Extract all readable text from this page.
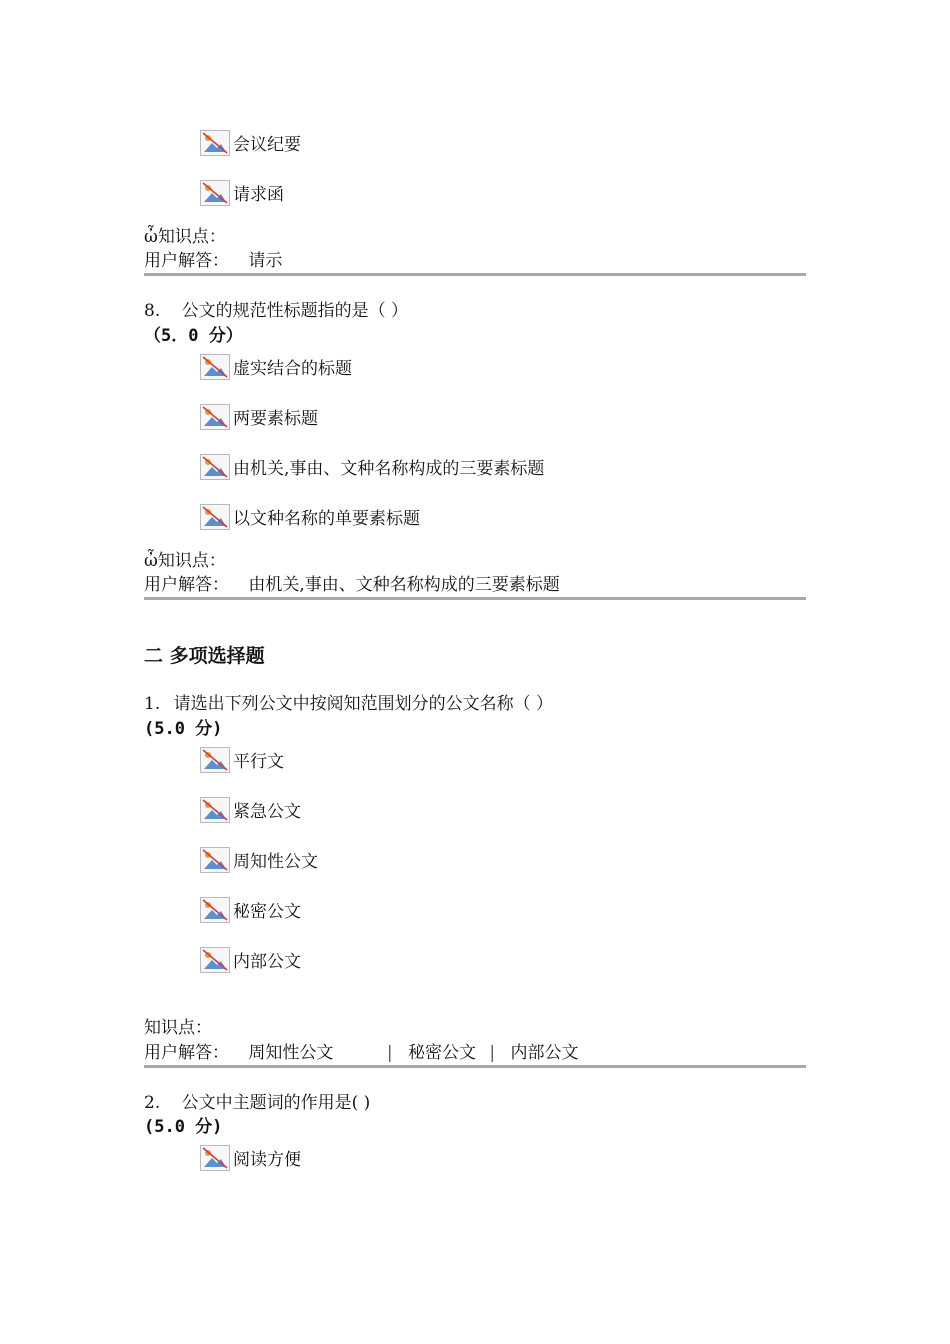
会议纪要
请求函
ὦ知识点：
用户解答： 请示
8. 公文的规范性标题指的是（ ）
（5．0 分）
虚实结合的标题
两要素标题
由机关,事由、文种名称构成的三要素标题
以文种名称的单要素标题
ὦ知识点：
用户解答： 由机关,事由、文种名称构成的三要素标题
二 多项选择题
1. 请选出下列公文中按阅知范围划分的公文名称（ ）
(5.0 分)
平行文
紧急公文
周知性公文
秘密公文
内部公文
知识点：
用户解答： 周知性公文	| 秘密公文 | 内部公文
2. 公文中主题词的作用是( )
(5.0 分)
阅读方便
